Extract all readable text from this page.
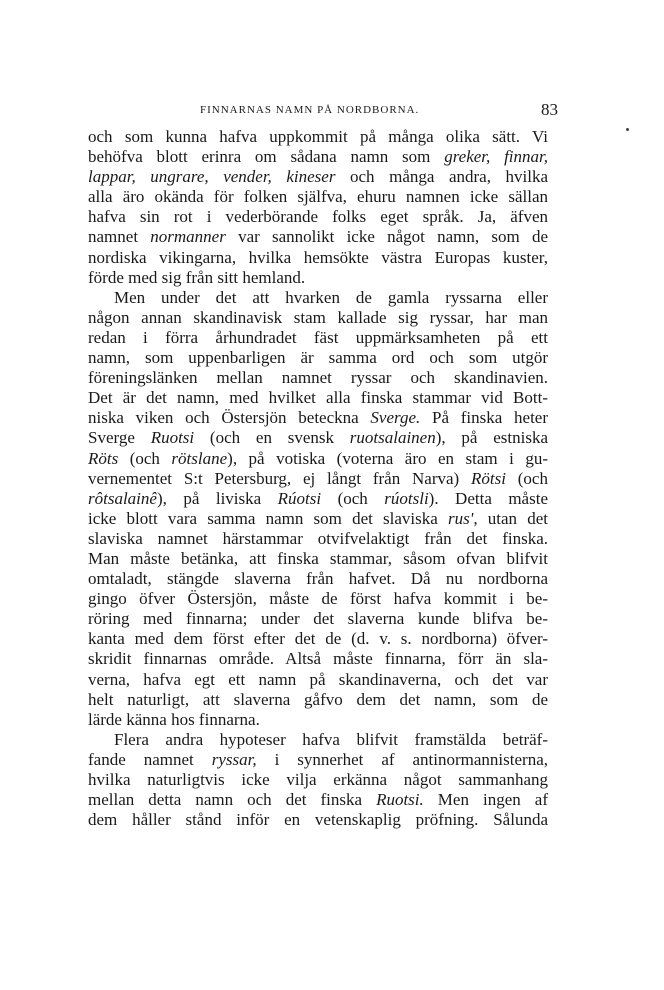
FINNARNAS NAMN PÅ NORDBORNA.	83
och som kunna hafva uppkommit på många olika sätt. Vi
behöfva blott erinra om sådana namn som greker, finnar,
lappar, ungrare, vender, kineser och många andra, hvilka
alla äro okända för folken själfva, ehuru namnen icke sällan
hafva sin rot i vederbörande folks eget språk. Ja, äfven
namnet normanner var sannolikt icke något namn, som de
nordiska vikingarna, hvilka hemsökte västra Europas kuster,
förde med sig från sitt hemland.
Men under det att hvarken de gamla ryssarna eller
någon annan skandinavisk stam kallade sig ryssar, har man
redan i förra århundradet fäst uppmärksamheten på ett
namn, som uppenbarligen är samma ord och som utgör
föreningslänken mellan namnet ryssar och skandinavien.
Det är det namn, med hvilket alla finska stammar vid Bott-
niska viken och Östersjön beteckna Sverge. På finska heter
Sverge Ruotsi (och en svensk ruotsalainen), på estniska
Röts (och rötslane), på votiska (voterna äro en stam i gu-
vernementet S:t Petersburg, ej långt från Narva) Rötsi (och
rôtsalainê), på liviska Rúotsi (och rúotsli). Detta måste
icke blott vara samma namn som det slaviska rus', utan det
slaviska namnet härstammar otvifvelaktigt från det finska.
Man måste betänka, att finska stammar, såsom ofvan blifvit
omtaladt, stängde slaverna från hafvet. Då nu nordborna
gingo öfver Östersjön, måste de först hafva kommit i be-
röring med finnarna; under det slaverna kunde blifva be-
kanta med dem först efter det de (d. v. s. nordborna) öfver-
skridit finnarnas område. Altså måste finnarna, förr än sla-
verna, hafva egt ett namn på skandinaverna, och det var
helt naturligt, att slaverna gåfvo dem det namn, som de
lärde känna hos finnarna.
Flera andra hypoteser hafva blifvit framstälda beträf-
fande namnet ryssar, i synnerhet af antinormannisterna,
hvilka naturligtvis icke vilja erkänna något sammanhang
mellan detta namn och det finska Ruotsi. Men ingen af
dem håller stånd inför en vetenskaplig pröfning. Sålunda
